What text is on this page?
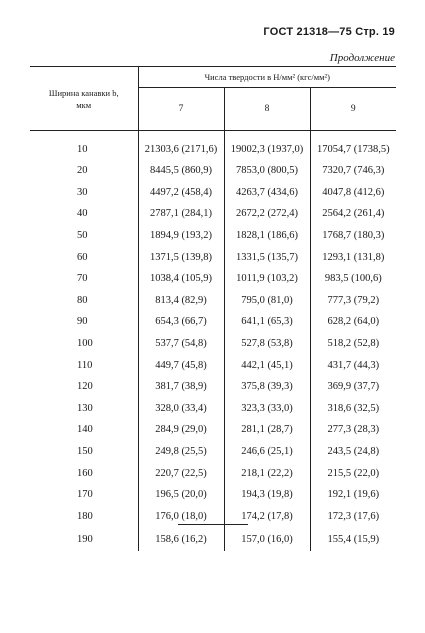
ГОСТ 21318—75 Стр. 19
Продолжение
Ширина канавки b,
мкм	Числа твердости в Н/мм² (кгс/мм²)		
	7	8	9
10	21303,6 (2171,6)	19002,3 (1937,0)	17054,7 (1738,5)
20	8445,5 (860,9)	7853,0 (800,5)	7320,7 (746,3)
30	4497,2 (458,4)	4263,7 (434,6)	4047,8 (412,6)
40	2787,1 (284,1)	2672,2 (272,4)	2564,2 (261,4)
50	1894,9 (193,2)	1828,1 (186,6)	1768,7 (180,3)
60	1371,5 (139,8)	1331,5 (135,7)	1293,1 (131,8)
70	1038,4 (105,9)	1011,9 (103,2)	983,5 (100,6)
80	813,4 (82,9)	795,0 (81,0)	777,3 (79,2)
90	654,3 (66,7)	641,1 (65,3)	628,2 (64,0)
100	537,7 (54,8)	527,8 (53,8)	518,2 (52,8)
110	449,7 (45,8)	442,1 (45,1)	431,7 (44,3)
120	381,7 (38,9)	375,8 (39,3)	369,9 (37,7)
130	328,0 (33,4)	323,3 (33,0)	318,6 (32,5)
140	284,9 (29,0)	281,1 (28,7)	277,3 (28,3)
150	249,8 (25,5)	246,6 (25,1)	243,5 (24,8)
160	220,7 (22,5)	218,1 (22,2)	215,5 (22,0)
170	196,5 (20,0)	194,3 (19,8)	192,1 (19,6)
180	176,0 (18,0)	174,2 (17,8)	172,3 (17,6)
190	158,6 (16,2)	157,0 (16,0)	155,4 (15,9)
